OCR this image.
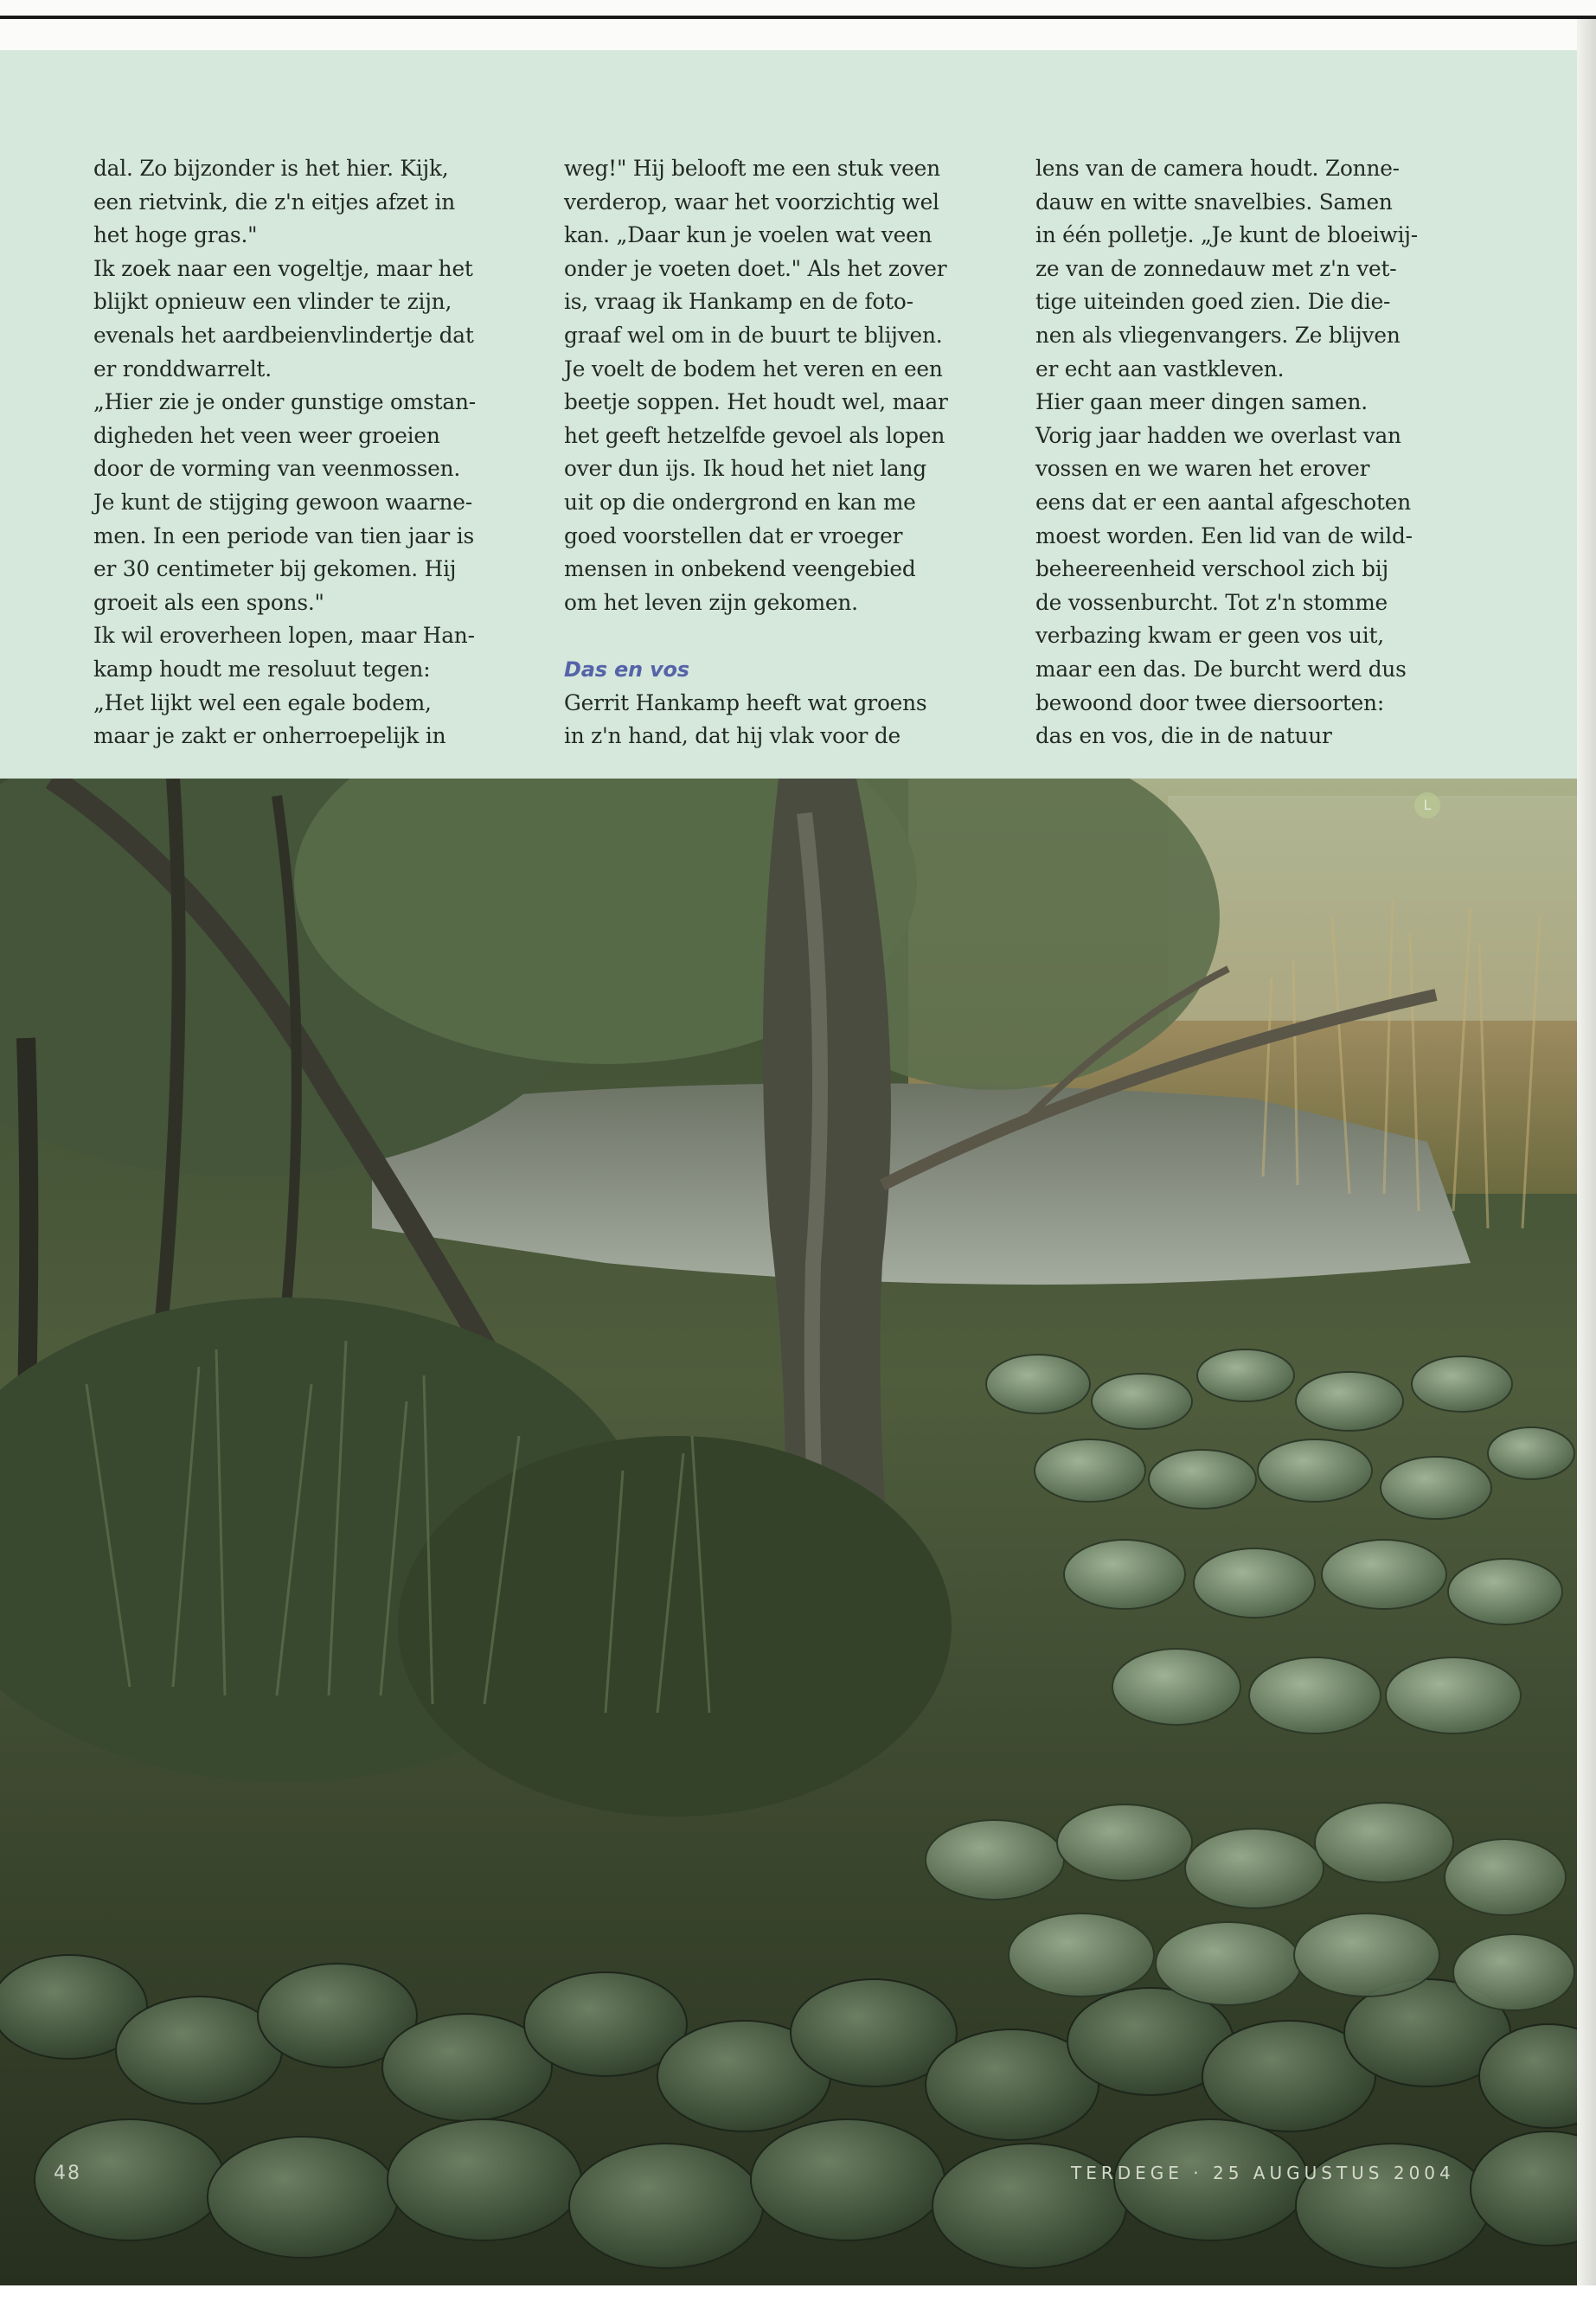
dal. Zo bijzonder is het hier. Kijk,
een rietvink, die z'n eitjes afzet in
het hoge gras."
Ik zoek naar een vogeltje, maar het
blijkt opnieuw een vlinder te zijn,
evenals het aardbeienvlindertje dat
er ronddwarrelt.
„Hier zie je onder gunstige omstan-
digheden het veen weer groeien
door de vorming van veenmossen.
Je kunt de stijging gewoon waarne-
men. In een periode van tien jaar is
er 30 centimeter bij gekomen. Hij
groeit als een spons."
Ik wil eroverheen lopen, maar Han-
kamp houdt me resoluut tegen:
„Het lijkt wel een egale bodem,
maar je zakt er onherroepelijk in
weg!" Hij belooft me een stuk veen
verderop, waar het voorzichtig wel
kan. „Daar kun je voelen wat veen
onder je voeten doet." Als het zover
is, vraag ik Hankamp en de foto-
graaf wel om in de buurt te blijven.
Je voelt de bodem het veren en een
beetje soppen. Het houdt wel, maar
het geeft hetzelfde gevoel als lopen
over dun ijs. Ik houd het niet lang
uit op die ondergrond en kan me
goed voorstellen dat er vroeger
mensen in onbekend veengebied
om het leven zijn gekomen.
Das en vos
Gerrit Hankamp heeft wat groens
in z'n hand, dat hij vlak voor de
lens van de camera houdt. Zonne-
dauw en witte snavelbies. Samen
in één polletje. „Je kunt de bloeiwij-
ze van de zonnedauw met z'n vet-
tige uiteinden goed zien. Die die-
nen als vliegenvangers. Ze blijven
er echt aan vastkleven.
Hier gaan meer dingen samen.
Vorig jaar hadden we overlast van
vossen en we waren het erover
eens dat er een aantal afgeschoten
moest worden. Een lid van de wild-
beheereenheid verschool zich bij
de vossenburcht. Tot z'n stomme
verbazing kwam er geen vos uit,
maar een das. De burcht werd dus
bewoond door twee diersoorten:
das en vos, die in de natuur
L
48	TERDEGE · 25 AUGUSTUS 2004
